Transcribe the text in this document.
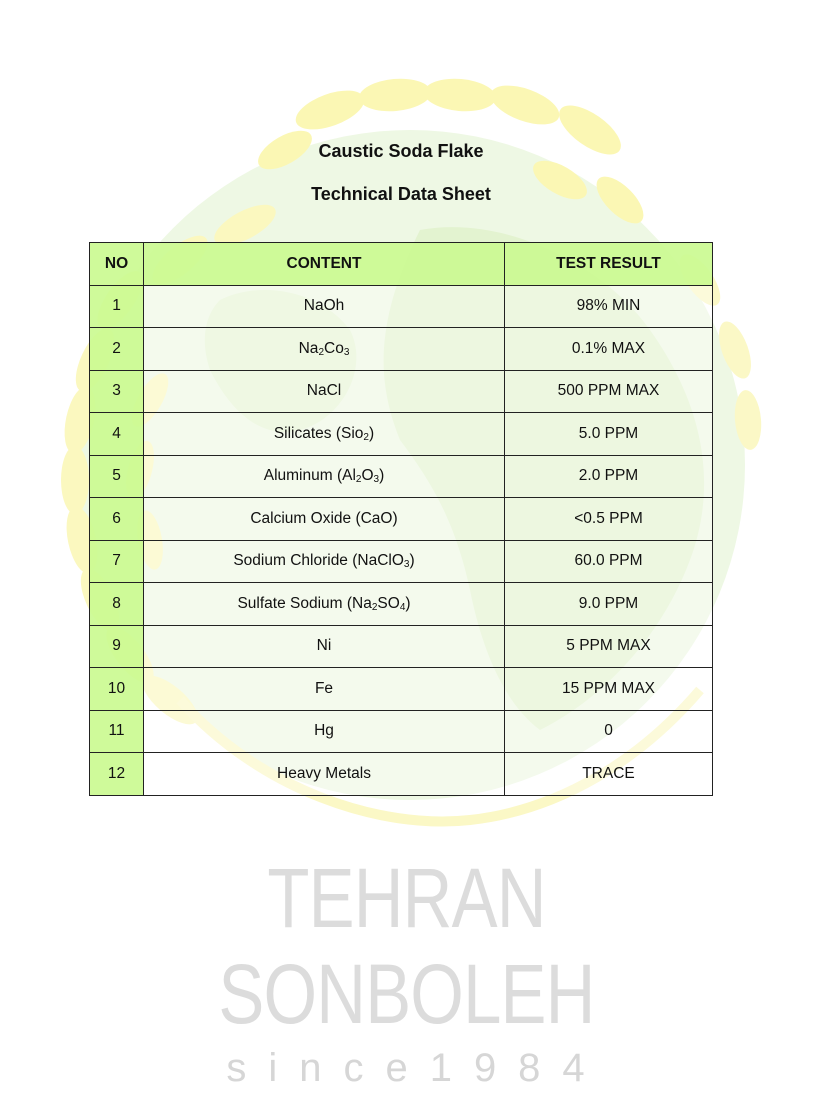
Caustic Soda Flake
Technical Data Sheet
NO	CONTENT	TEST RESULT
1	NaOh	98% MIN
2	$Na_2Co_3$	0.1% MAX
3	NaCl	500 PPM MAX
4	Silicates (Sio$_2$)	5.0 PPM
5	Aluminum $(Al_2O_3)$	2.0 PPM
6	Calcium Oxide (CaO)	<0.5 PPM
7	Sodium Chloride (NaClO$_3$)	60.0 PPM
8	Sulfate Sodium $(Na_2SO_4)$	9.0 PPM
9	Ni	5 PPM MAX
10	Fe	15 PPM MAX
11	Hg	0
12	Heavy Metals	TRACE
TEHRAN SONBOLEH
since1984
